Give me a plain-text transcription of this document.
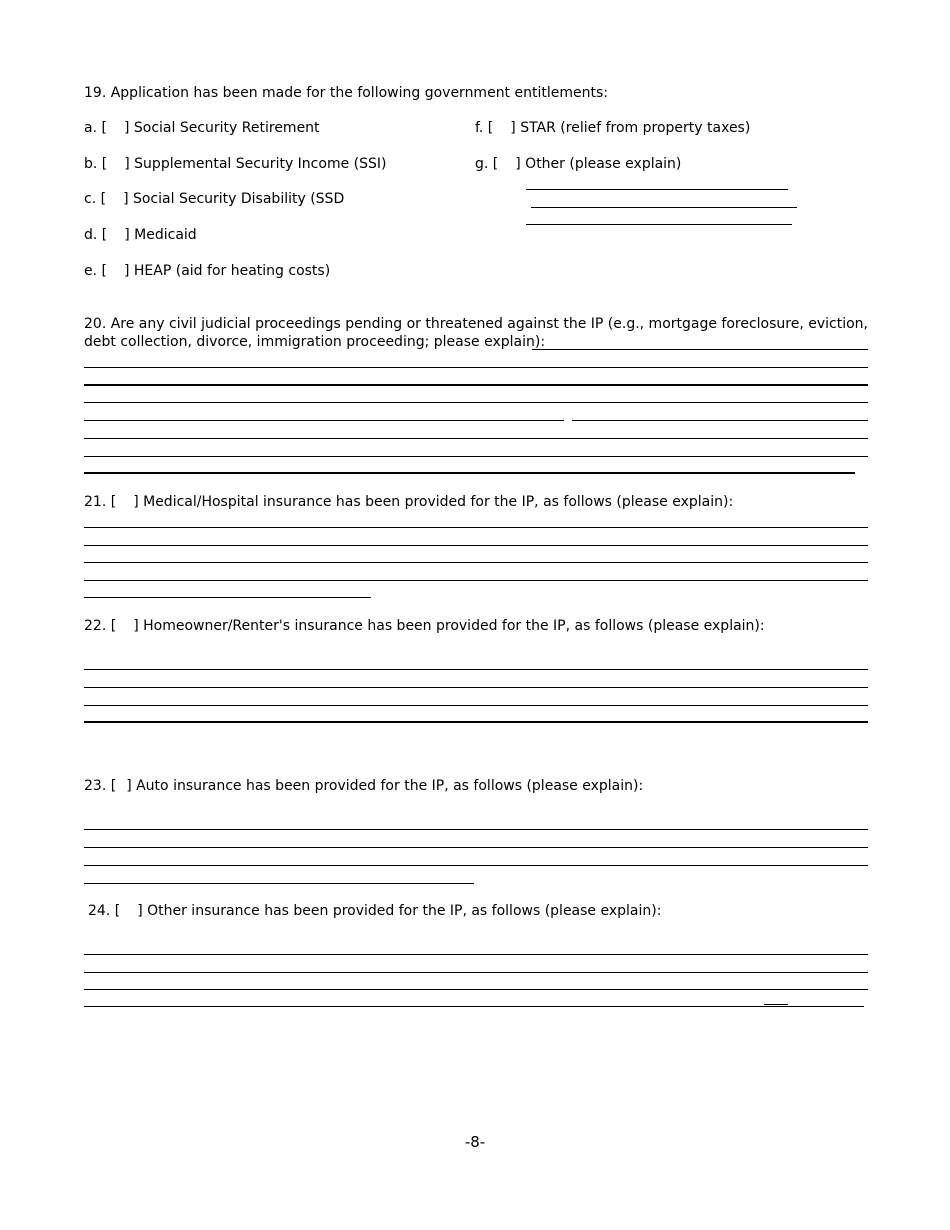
19. Application has been made for the following government entitlements:
a. [ ] Social Security Retirement
b. [ ] Supplemental Security Income (SSI)
c. [ ] Social Security Disability (SSD
d. [ ] Medicaid
e. [ ] HEAP (aid for heating costs)
f. [ ] STAR (relief from property taxes)
g. [ ] Other (please explain)
20. Are any civil judicial proceedings pending or threatened against the IP (e.g., mortgage foreclosure, eviction,
debt collection, divorce, immigration proceeding; please explain):
21. [ ] Medical/Hospital insurance has been provided for the IP, as follows (please explain):
22. [ ] Homeowner/Renter's insurance has been provided for the IP, as follows (please explain):
23. [ ] Auto insurance has been provided for the IP, as follows (please explain):
24. [ ] Other insurance has been provided for the IP, as follows (please explain):
-8-
